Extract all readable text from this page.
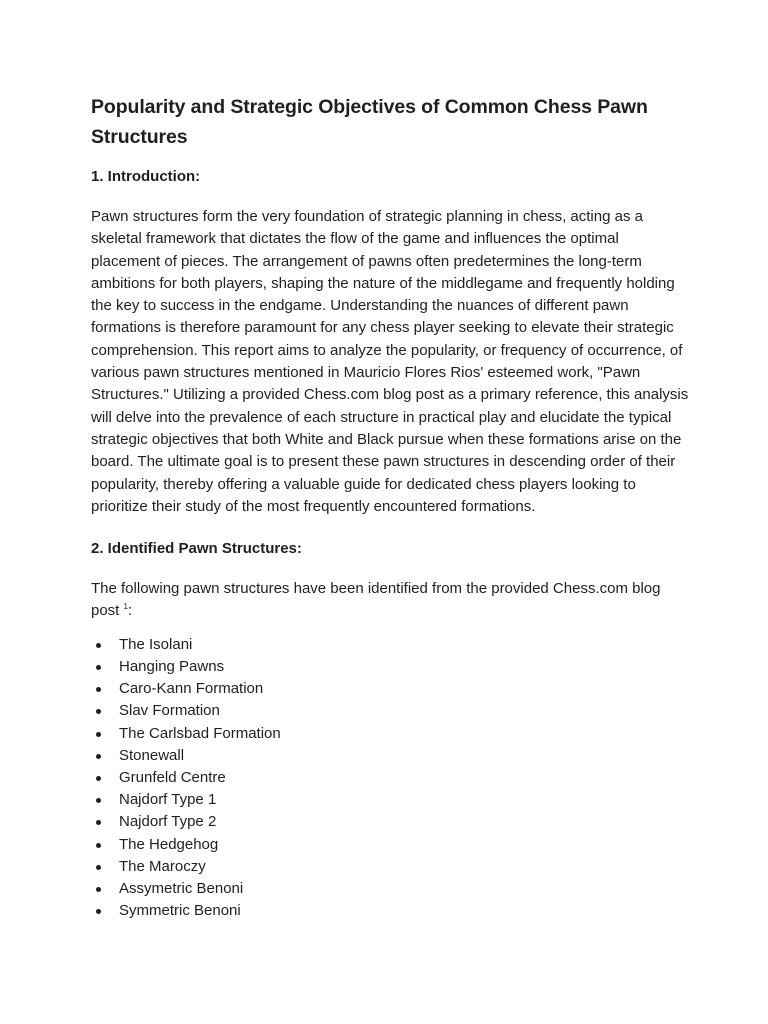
Popularity and Strategic Objectives of Common Chess Pawn Structures
1. Introduction:

Pawn structures form the very foundation of strategic planning in chess, acting as a skeletal framework that dictates the flow of the game and influences the optimal placement of pieces. The arrangement of pawns often predetermines the long-term ambitions for both players, shaping the nature of the middlegame and frequently holding the key to success in the endgame. Understanding the nuances of different pawn formations is therefore paramount for any chess player seeking to elevate their strategic comprehension. This report aims to analyze the popularity, or frequency of occurrence, of various pawn structures mentioned in Mauricio Flores Rios' esteemed work, "Pawn Structures." Utilizing a provided Chess.com blog post as a primary reference, this analysis will delve into the prevalence of each structure in practical play and elucidate the typical strategic objectives that both White and Black pursue when these formations arise on the board. The ultimate goal is to present these pawn structures in descending order of their popularity, thereby offering a valuable guide for dedicated chess players looking to prioritize their study of the most frequently encountered formations.

2. Identified Pawn Structures:

The following pawn structures have been identified from the provided Chess.com blog post $^1$:

The Isolani
Hanging Pawns
Caro-Kann Formation
Slav Formation
The Carlsbad Formation
Stonewall
Grunfeld Centre
Najdorf Type 1
Najdorf Type 2
The Hedgehog
The Maroczy
Assymetric Benoni
Symmetric Benoni
